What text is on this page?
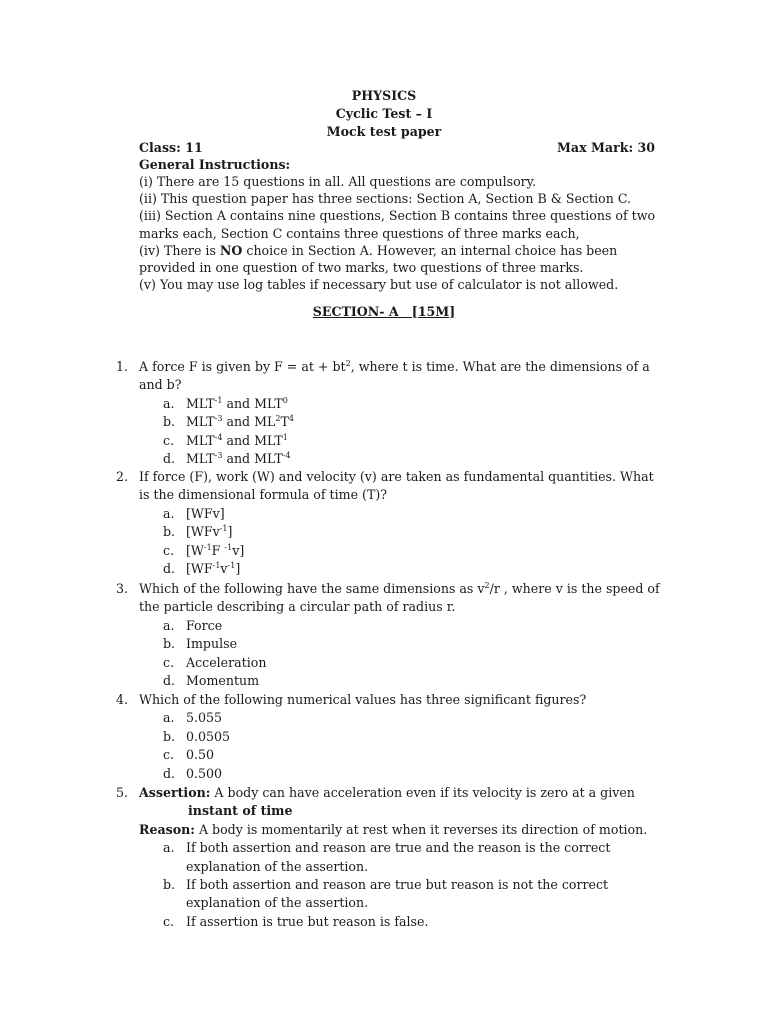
PHYSICS
Cyclic Test – I
Mock test paper
Class: 11	Max Mark: 30
General Instructions:
(i) There are 15 questions in all. All questions are compulsory.
(ii) This question paper has three sections: Section A, Section B & Section C.
(iii) Section A contains nine questions, Section B contains three questions of two
marks each, Section C contains three questions of three marks each,
(iv) There is NO choice in Section A. However, an internal choice has been
provided in one question of two marks, two questions of three marks.
(v) You may use log tables if necessary but use of calculator is not allowed.
SECTION- A   [15M]
1. A force F is given by F = at + $bt^2$, where t is time. What are the dimensions of a
and b?
a. $MLT^{-1}$ and MLT$^0$
b. $MLT^{-3}$ and $ML^2T^4$
c. $MLT^{-4}$ and MLT$^1$
d. $MLT^{-3}$ and $MLT^{-4}$
2. If force (F), work (W) and velocity (v) are taken as fundamental quantities. What
is the dimensional formula of time (T)?
a. [WFv]
b. [WFv$^{-1}$]
c. [$W^{-1}F$ $^{-1}$v]
d. $[WF^{-1}v^{-1}]$
3. Which of the following have the same dimensions as $v^2/r$ , where v is the speed of
the particle describing a circular path of radius r.
a. Force
b. Impulse
c. Acceleration
d. Momentum
4. Which of the following numerical values has three significant figures?
a. 5.055
b. 0.0505
c. 0.50
d. 0.500
5. Assertion: A body can have acceleration even if its velocity is zero at a given
instant of time
Reason: A body is momentarily at rest when it reverses its direction of motion.
a. If both assertion and reason are true and the reason is the correct
explanation of the assertion.
b. If both assertion and reason are true but reason is not the correct
explanation of the assertion.
c. If assertion is true but reason is false.
